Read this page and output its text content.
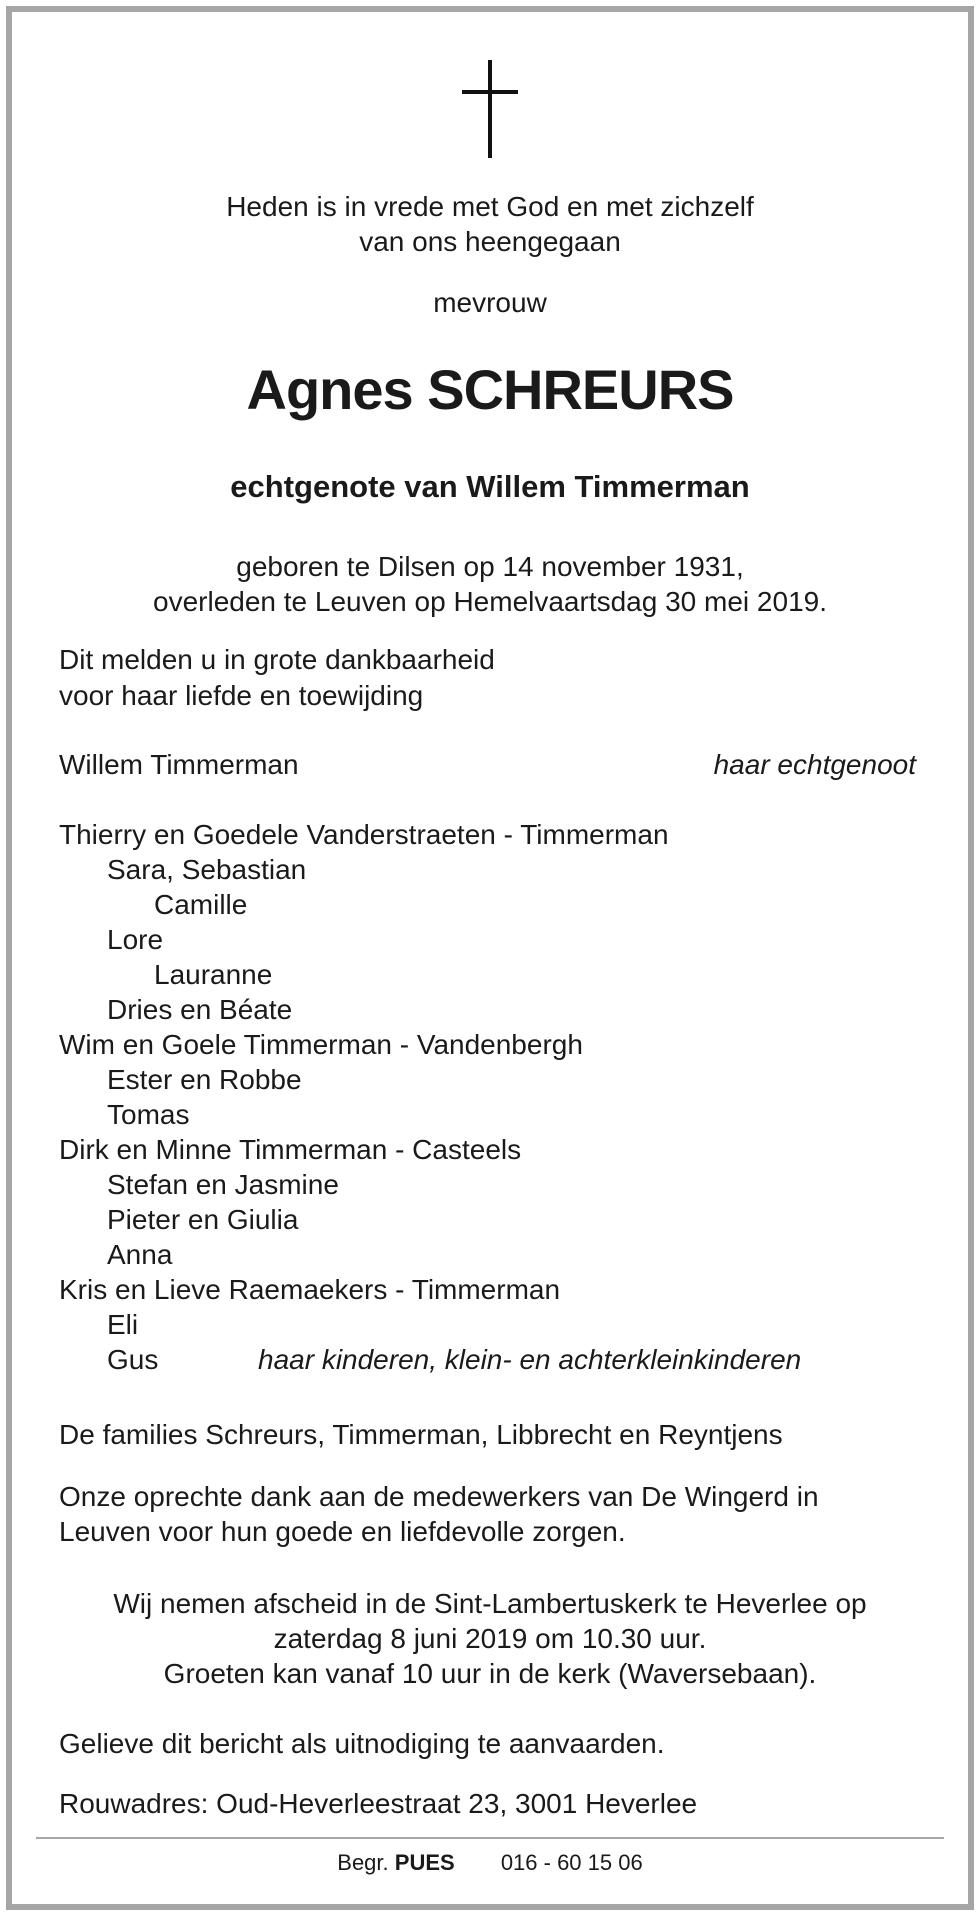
Heden is in vrede met God en met zichzelf
van ons heengegaan
mevrouw
Agnes SCHREURS
echtgenote van Willem Timmerman
geboren te Dilsen op 14 november 1931,
overleden te Leuven op Hemelvaartsdag 30 mei 2019.
Dit melden u in grote dankbaarheid
voor haar liefde en toewijding
Willem Timmerman	haar echtgenoot
Thierry en Goedele Vanderstraeten - Timmerman
Sara, Sebastian
Camille
Lore
Lauranne
Dries en Béate
Wim en Goele Timmerman - Vandenbergh
Ester en Robbe
Tomas
Dirk en Minne Timmerman - Casteels
Stefan en Jasmine
Pieter en Giulia
Anna
Kris en Lieve Raemaekers - Timmerman
Eli
Gus	haar kinderen, klein- en achterkleinkinderen
De families Schreurs, Timmerman, Libbrecht en Reyntjens
Onze oprechte dank aan de medewerkers van De Wingerd in
Leuven voor hun goede en liefdevolle zorgen.
Wij nemen afscheid in de Sint-Lambertuskerk te Heverlee op
zaterdag 8 juni 2019 om 10.30 uur.
Groeten kan vanaf 10 uur in de kerk (Waversebaan).
Gelieve dit bericht als uitnodiging te aanvaarden.
Rouwadres: Oud-Heverleestraat 23, 3001 Heverlee
Begr. PUES 016 - 60 15 06
